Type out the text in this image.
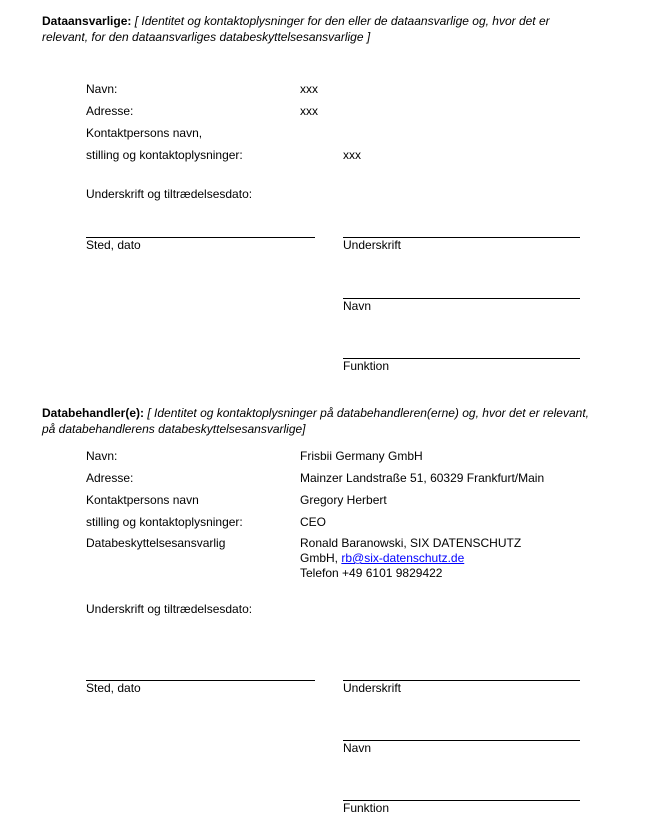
Dataansvarlige: [ Identitet og kontaktoplysninger for den eller de dataansvarlige og, hvor det er relevant, for den dataansvarliges databeskyttelsesansvarlige ]

Navn:	xxx
Adresse:	xxx
Kontaktpersons navn,
stilling og kontaktoplysninger:	xxx

Underskrift og tiltrædelsesdato:

Sted, dato	Underskrift
Navn
Funktion

Databehandler(e): [ Identitet og kontaktoplysninger på databehandleren(erne) og, hvor det er relevant, på databehandlerens databeskyttelsesansvarlige]

Navn:	Frisbii Germany GmbH
Adresse:	Mainzer Landstraße 51, 60329 Frankfurt/Main
Kontaktpersons navn	Gregory Herbert
stilling og kontaktoplysninger:	CEO
Databeskyttelsesansvarlig	Ronald Baranowski, SIX DATENSCHUTZ
GmbH, rb@six-datenschutz.de
Telefon +49 6101 9829422

Underskrift og tiltrædelsesdato:

Sted, dato	Underskrift
Navn
Funktion
